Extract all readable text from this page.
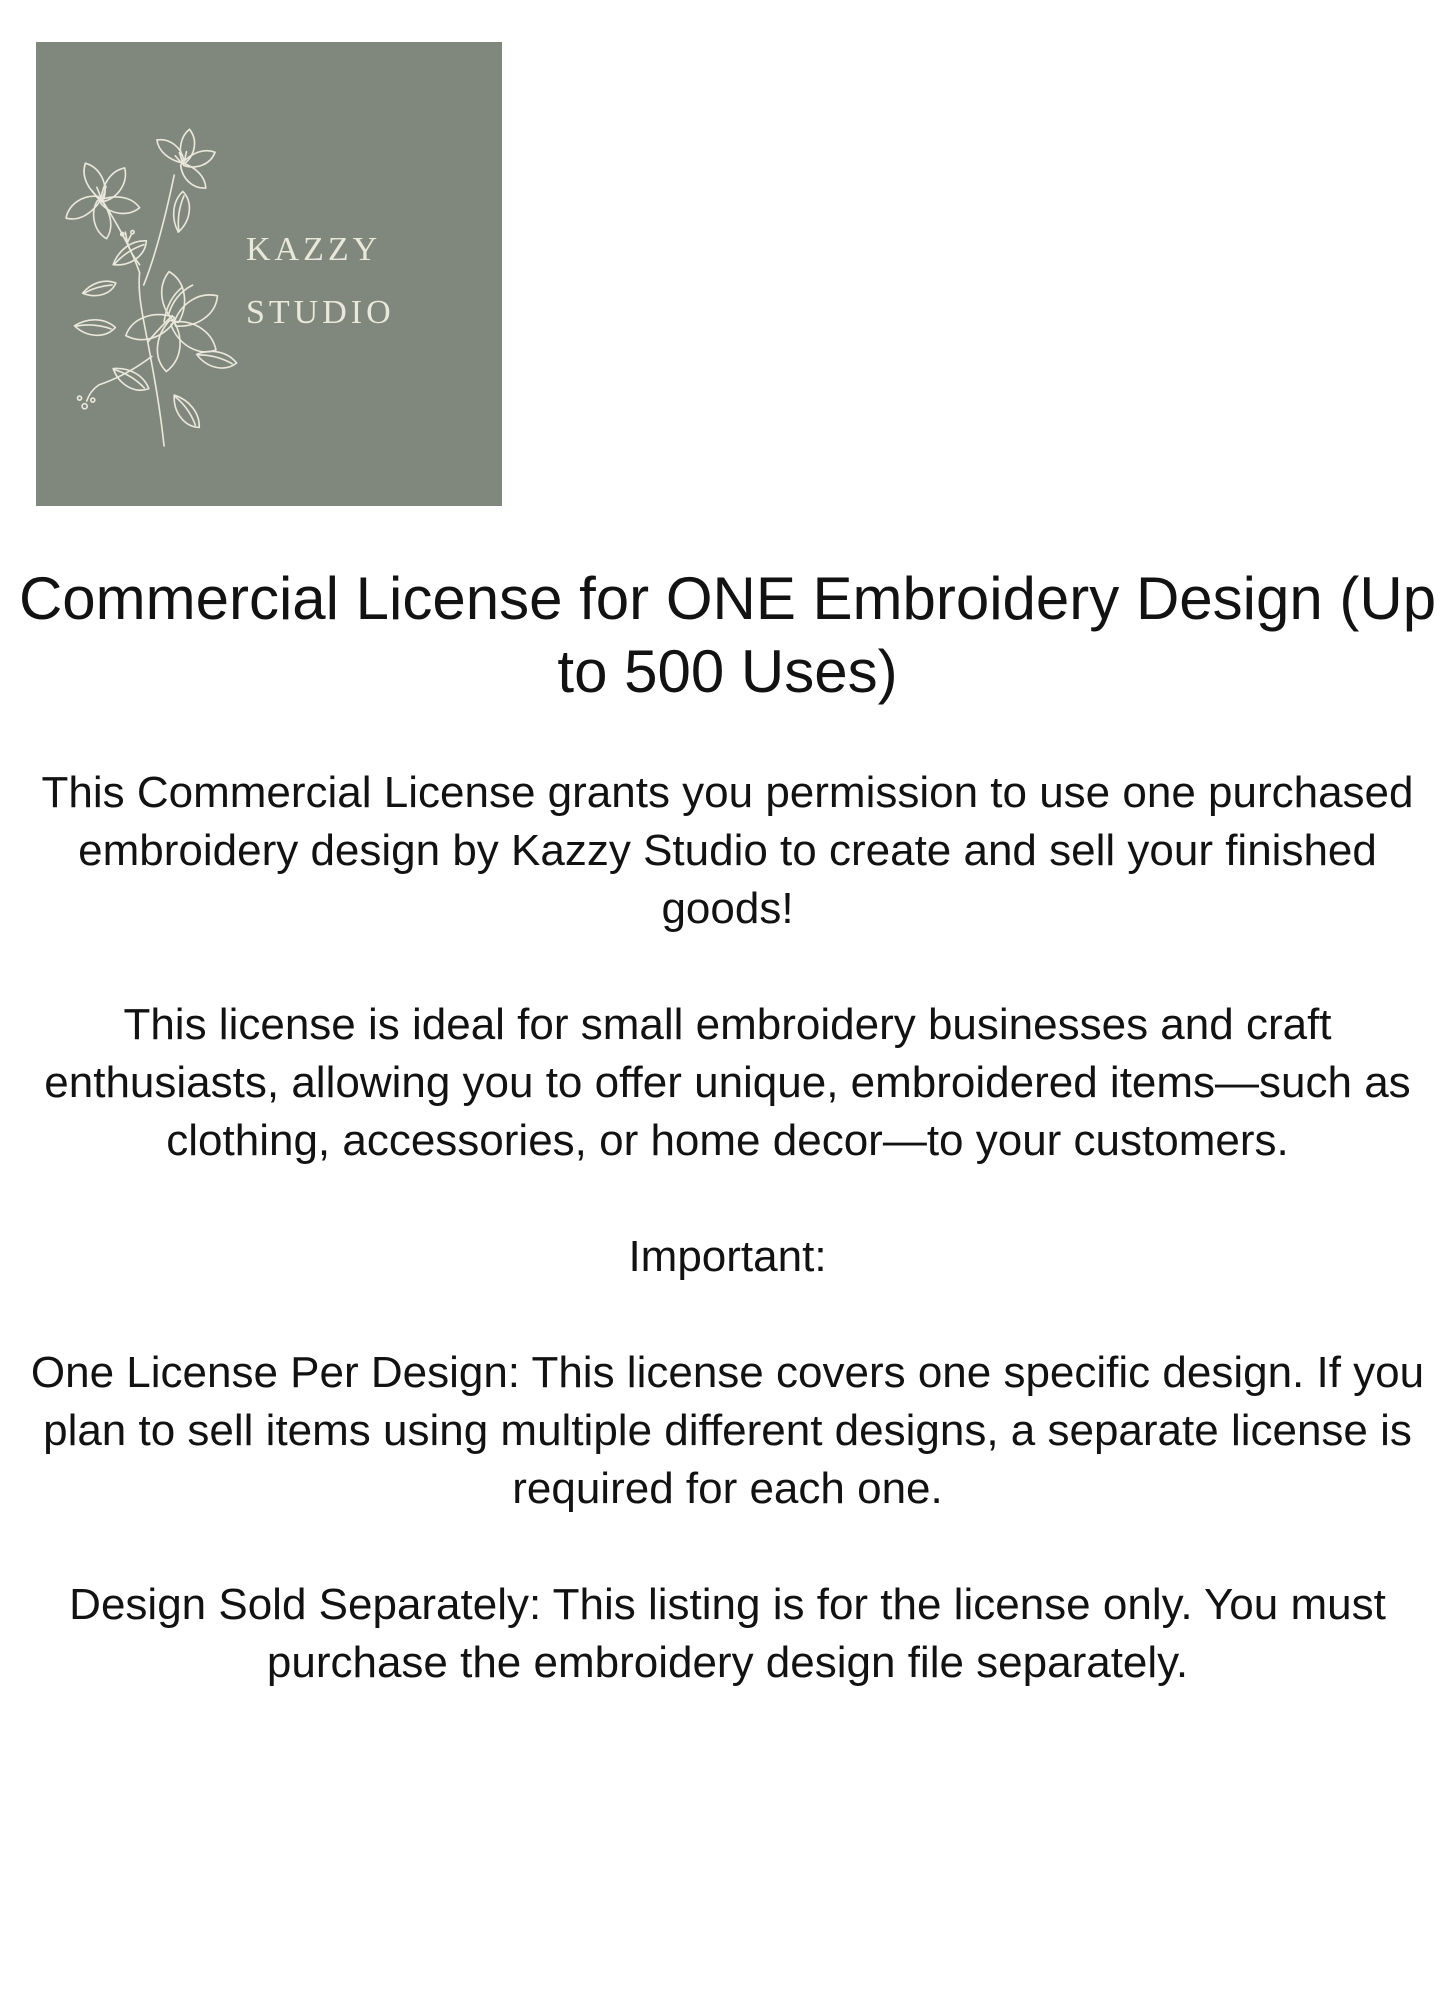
KAZZY
STUDIO
Commercial License for ONE Embroidery Design (Up
to 500 Uses)

This Commercial License grants you permission to use one purchased
embroidery design by Kazzy Studio to create and sell your finished
goods!

This license is ideal for small embroidery businesses and craft
enthusiasts, allowing you to offer unique, embroidered items—such as
clothing, accessories, or home decor—to your customers.

Important:

One License Per Design: This license covers one specific design. If you
plan to sell items using multiple different designs, a separate license is
required for each one.

Design Sold Separately: This listing is for the license only. You must
purchase the embroidery design file separately.
